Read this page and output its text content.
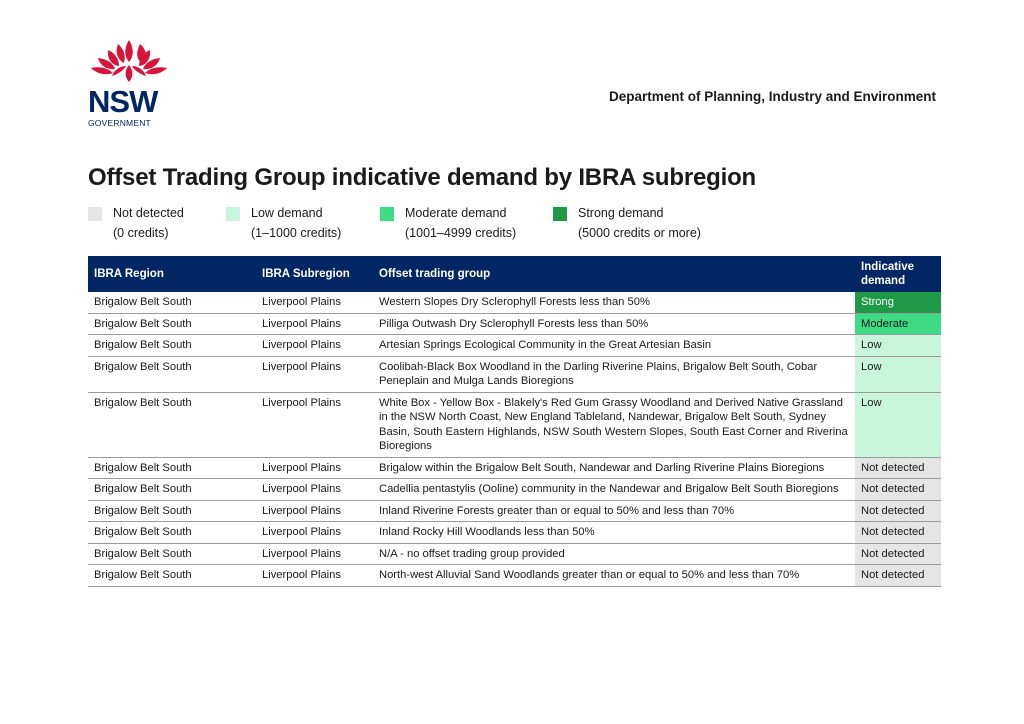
NSW
GOVERNMENT
Department of Planning, Industry and Environment
Offset Trading Group indicative demand by IBRA subregion
Not detected
(0 credits)
Low demand
(1–1000 credits)
Moderate demand
(1001–4999 credits)
Strong demand
(5000 credits or more)
IBRA Region	IBRA Subregion	Offset trading group	Indicative demand
Brigalow Belt South	Liverpool Plains	Western Slopes Dry Sclerophyll Forests less than 50%	Strong
Brigalow Belt South	Liverpool Plains	Pilliga Outwash Dry Sclerophyll Forests less than 50%	Moderate
Brigalow Belt South	Liverpool Plains	Artesian Springs Ecological Community in the Great Artesian Basin	Low
Brigalow Belt South	Liverpool Plains	Coolibah-Black Box Woodland in the Darling Riverine Plains, Brigalow Belt South, Cobar Peneplain and Mulga Lands Bioregions	Low
Brigalow Belt South	Liverpool Plains	White Box - Yellow Box - Blakely's Red Gum Grassy Woodland and Derived Native Grassland in the NSW North Coast, New England Tableland, Nandewar, Brigalow Belt South, Sydney Basin, South Eastern Highlands, NSW South Western Slopes, South East Corner and Riverina Bioregions	Low
Brigalow Belt South	Liverpool Plains	Brigalow within the Brigalow Belt South, Nandewar and Darling Riverine Plains Bioregions	Not detected
Brigalow Belt South	Liverpool Plains	Cadellia pentastylis (Ooline) community in the Nandewar and Brigalow Belt South Bioregions	Not detected
Brigalow Belt South	Liverpool Plains	Inland Riverine Forests greater than or equal to 50% and less than 70%	Not detected
Brigalow Belt South	Liverpool Plains	Inland Rocky Hill Woodlands less than 50%	Not detected
Brigalow Belt South	Liverpool Plains	N/A - no offset trading group provided	Not detected
Brigalow Belt South	Liverpool Plains	North-west Alluvial Sand Woodlands greater than or equal to 50% and less than 70%	Not detected
